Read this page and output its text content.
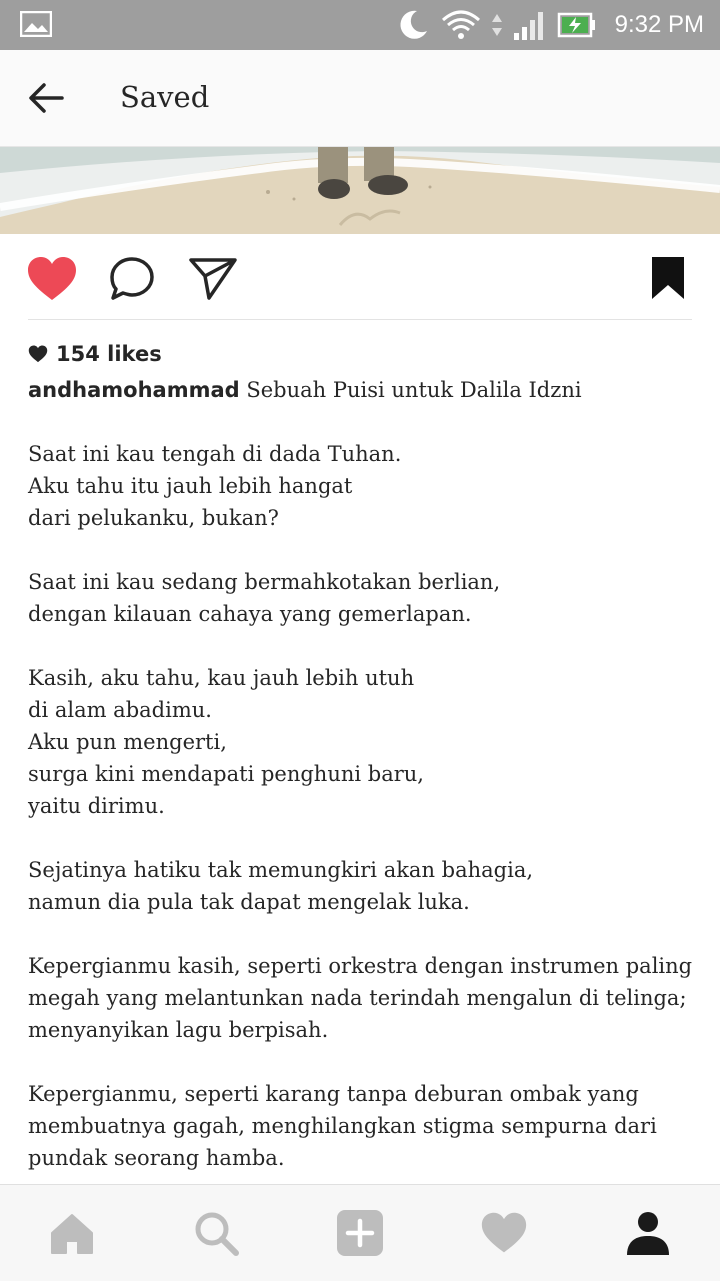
9:32 PM
Saved
154 likes
andhamohammad Sebuah Puisi untuk Dalila Idzni
Saat ini kau tengah di dada Tuhan.
Aku tahu itu jauh lebih hangat
dari pelukanku, bukan?
Saat ini kau sedang bermahkotakan berlian,
dengan kilauan cahaya yang gemerlapan.
Kasih, aku tahu, kau jauh lebih utuh
di alam abadimu.
Aku pun mengerti,
surga kini mendapati penghuni baru,
yaitu dirimu.
Sejatinya hatiku tak memungkiri akan bahagia,
namun dia pula tak dapat mengelak luka.
Kepergianmu kasih, seperti orkestra dengan instrumen paling
megah yang melantunkan nada terindah mengalun di telinga;
menyanyikan lagu berpisah.
Kepergianmu, seperti karang tanpa deburan ombak yang
membuatnya gagah, menghilangkan stigma sempurna dari
pundak seorang hamba.
